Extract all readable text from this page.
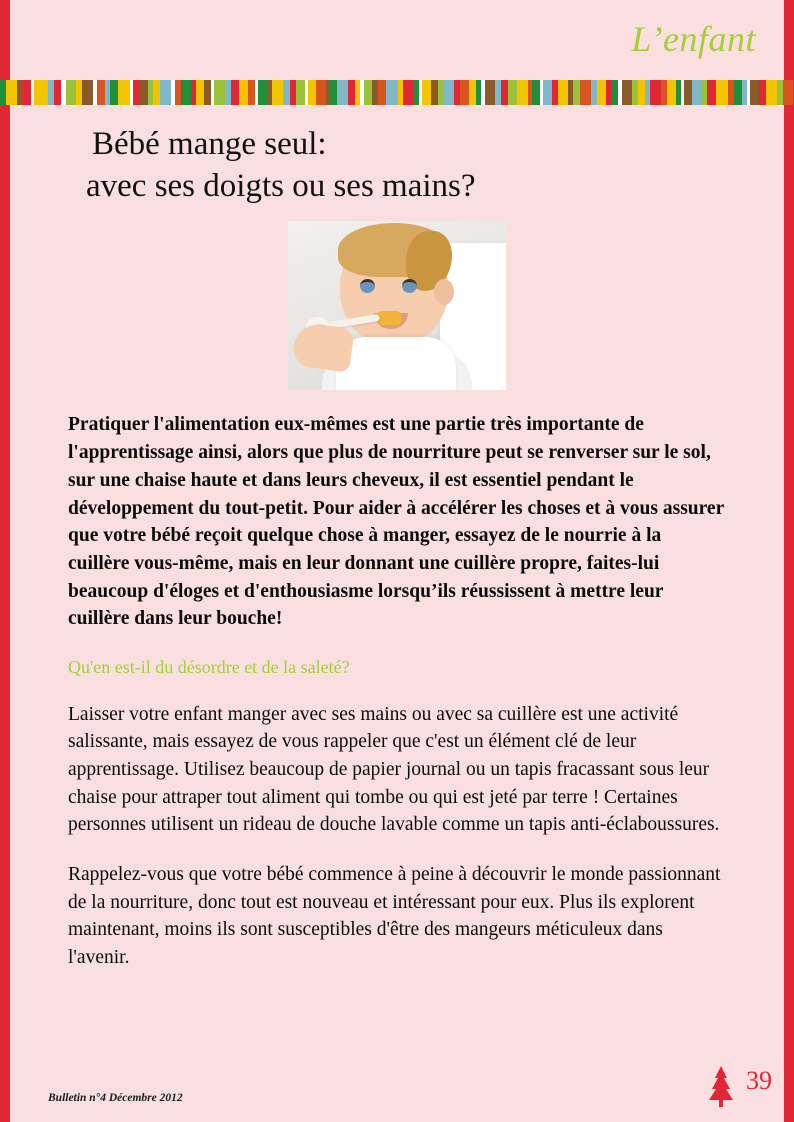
L’enfant
Bébé mange seul:
avec ses doigts ou ses mains?

Pratiquer l'alimentation eux-mêmes est une partie très importante de l'apprentissage ainsi, alors que plus de nourriture peut se renverser sur le sol, sur une chaise haute et dans leurs cheveux, il est essentiel pendant le développement du tout-petit. Pour aider à accélérer les choses et à vous assurer que votre bébé reçoit quelque chose à manger, essayez de le nourrie à la cuillère vous-même, mais en leur donnant une cuillère propre, faites-lui beaucoup d'éloges et d'enthousiasme lorsqu’ils réussissent à mettre leur cuillère dans leur bouche!

Qu'en est-il du désordre et de la saleté?

Laisser votre enfant manger avec ses mains ou avec sa cuillère est une activité salissante, mais essayez de vous rappeler que c'est un élément clé de leur apprentissage. Utilisez beaucoup de papier journal ou un tapis fracassant sous leur chaise pour attraper tout aliment qui tombe ou qui est jeté par terre ! Certaines personnes utilisent un rideau de douche lavable comme un tapis anti-éclaboussures.

Rappelez-vous que votre bébé commence à peine à découvrir le monde passionnant de la nourriture, donc tout est nouveau et intéressant pour eux. Plus ils explorent maintenant, moins ils sont susceptibles d'être des mangeurs méticuleux dans l'avenir.

Bulletin n°4 Décembre 2012
39
